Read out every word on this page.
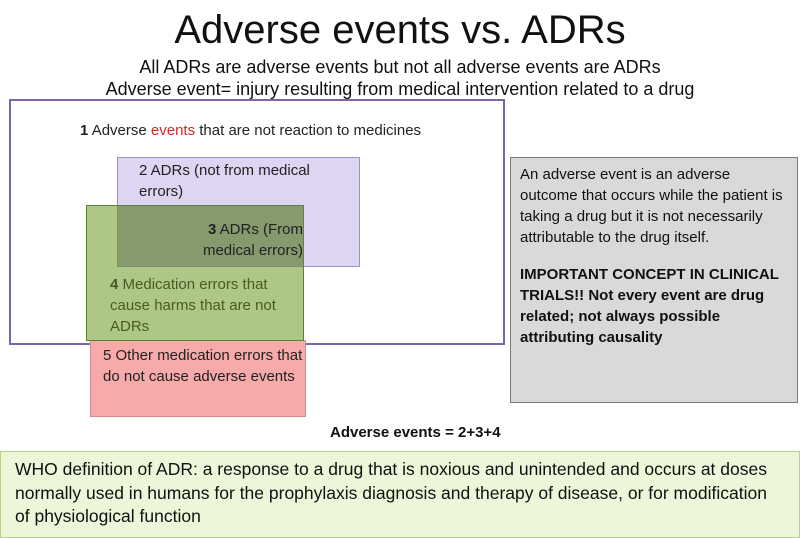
Adverse events vs. ADRs
All ADRs are adverse events but not all adverse events are ADRs
Adverse event= injury resulting from medical intervention related to a drug
1 Adverse events that are not reaction to medicines
2 ADRs (not from medical errors)
3 ADRs (From medical errors)
4 Medication errors that cause harms that are not ADRs
5 Other medication errors that do not cause adverse events

An adverse event is an adverse outcome that occurs while the patient is taking a drug but it is not necessarily attributable to the drug itself.

IMPORTANT CONCEPT IN CLINICAL TRIALS!! Not every event are drug related; not always possible attributing causality

Adverse events = 2+3+4
WHO definition of ADR: a response to a drug that is noxious and unintended and occurs at doses normally used in humans for the prophylaxis diagnosis and therapy of disease, or for modification of physiological function
